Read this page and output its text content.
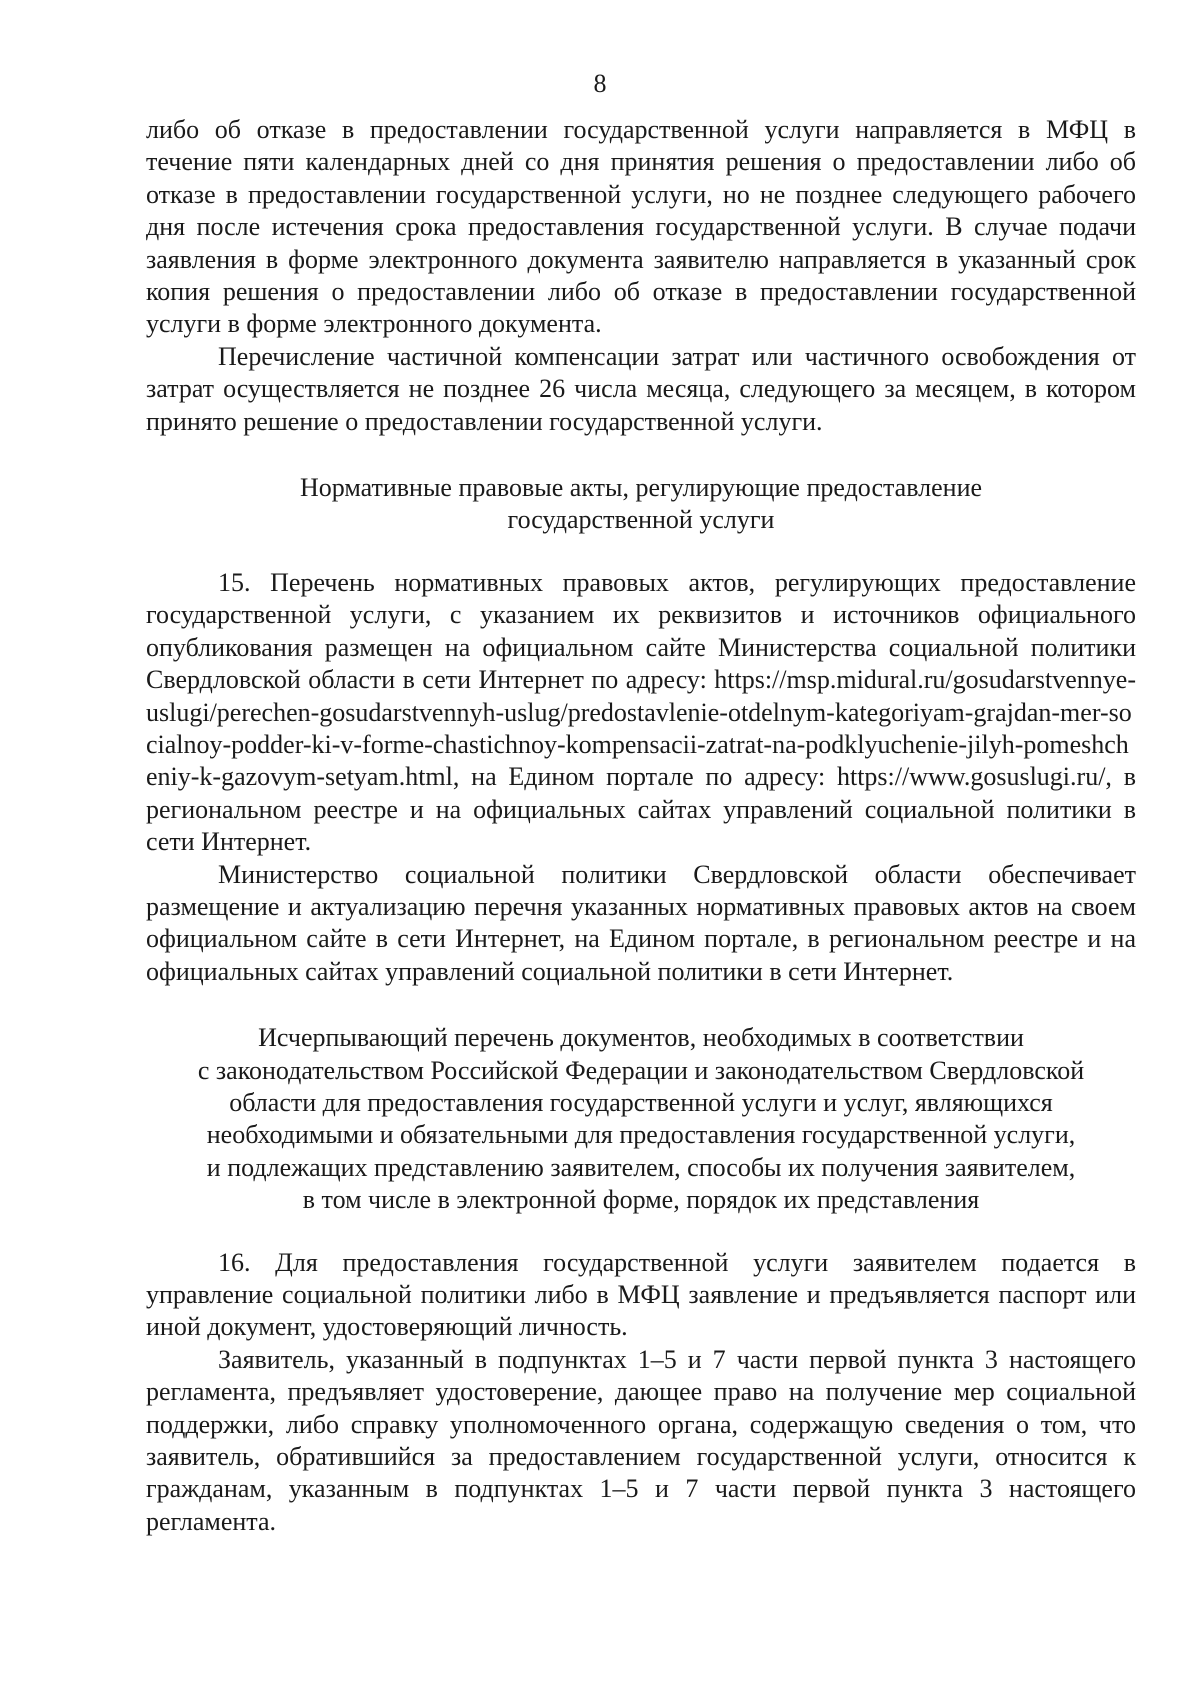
8

либо об отказе в предоставлении государственной услуги направляется в МФЦ в течение пяти календарных дней со дня принятия решения о предоставлении либо об отказе в предоставлении государственной услуги, но не позднее следующего рабочего дня после истечения срока предоставления государственной услуги. В случае подачи заявления в форме электронного документа заявителю направляется в указанный срок копия решения о предоставлении либо об отказе в предоставлении государственной услуги в форме электронного документа.

Перечисление частичной компенсации затрат или частичного освобождения от затрат осуществляется не позднее 26 числа месяца, следующего за месяцем, в котором принято решение о предоставлении государственной услуги.

Нормативные правовые акты, регулирующие предоставление

государственной услуги

15. Перечень нормативных правовых актов, регулирующих предоставление государственной услуги, с указанием их реквизитов и источников официального опубликования размещен на официальном сайте Министерства социальной политики Свердловской области в сети Интернет по адресу: https://msp.midural.ru/gosudarstvennye-uslugi/perechen-gosudarstvennyh-uslug/predostavlenie-otdelnym-kategoriyam-grajdan-mer-socialnoy-podder-ki-v-forme-chastichnoy-kompensacii-zatrat-na-podklyuchenie-jilyh-pomeshcheniy-k-gazovym-setyam.html, на Едином портале по адресу: https://www.gosuslugi.ru/, в региональном реестре и на официальных сайтах управлений социальной политики в сети Интернет.

Министерство социальной политики Свердловской области обеспечивает размещение и актуализацию перечня указанных нормативных правовых актов на своем официальном сайте в сети Интернет, на Едином портале, в региональном реестре и на официальных сайтах управлений социальной политики в сети Интернет.

Исчерпывающий перечень документов, необходимых в соответствии

с законодательством Российской Федерации и законодательством Свердловской

области для предоставления государственной услуги и услуг, являющихся

необходимыми и обязательными для предоставления государственной услуги,

и подлежащих представлению заявителем, способы их получения заявителем,

в том числе в электронной форме, порядок их представления

16. Для предоставления государственной услуги заявителем подается в управление социальной политики либо в МФЦ заявление и предъявляется паспорт или иной документ, удостоверяющий личность.

Заявитель, указанный в подпунктах 1–5 и 7 части первой пункта 3 настоящего регламента, предъявляет удостоверение, дающее право на получение мер социальной поддержки, либо справку уполномоченного органа, содержащую сведения о том, что заявитель, обратившийся за предоставлением государственной услуги, относится к гражданам, указанным в подпунктах 1–5 и 7 части первой пункта 3 настоящего регламента.
